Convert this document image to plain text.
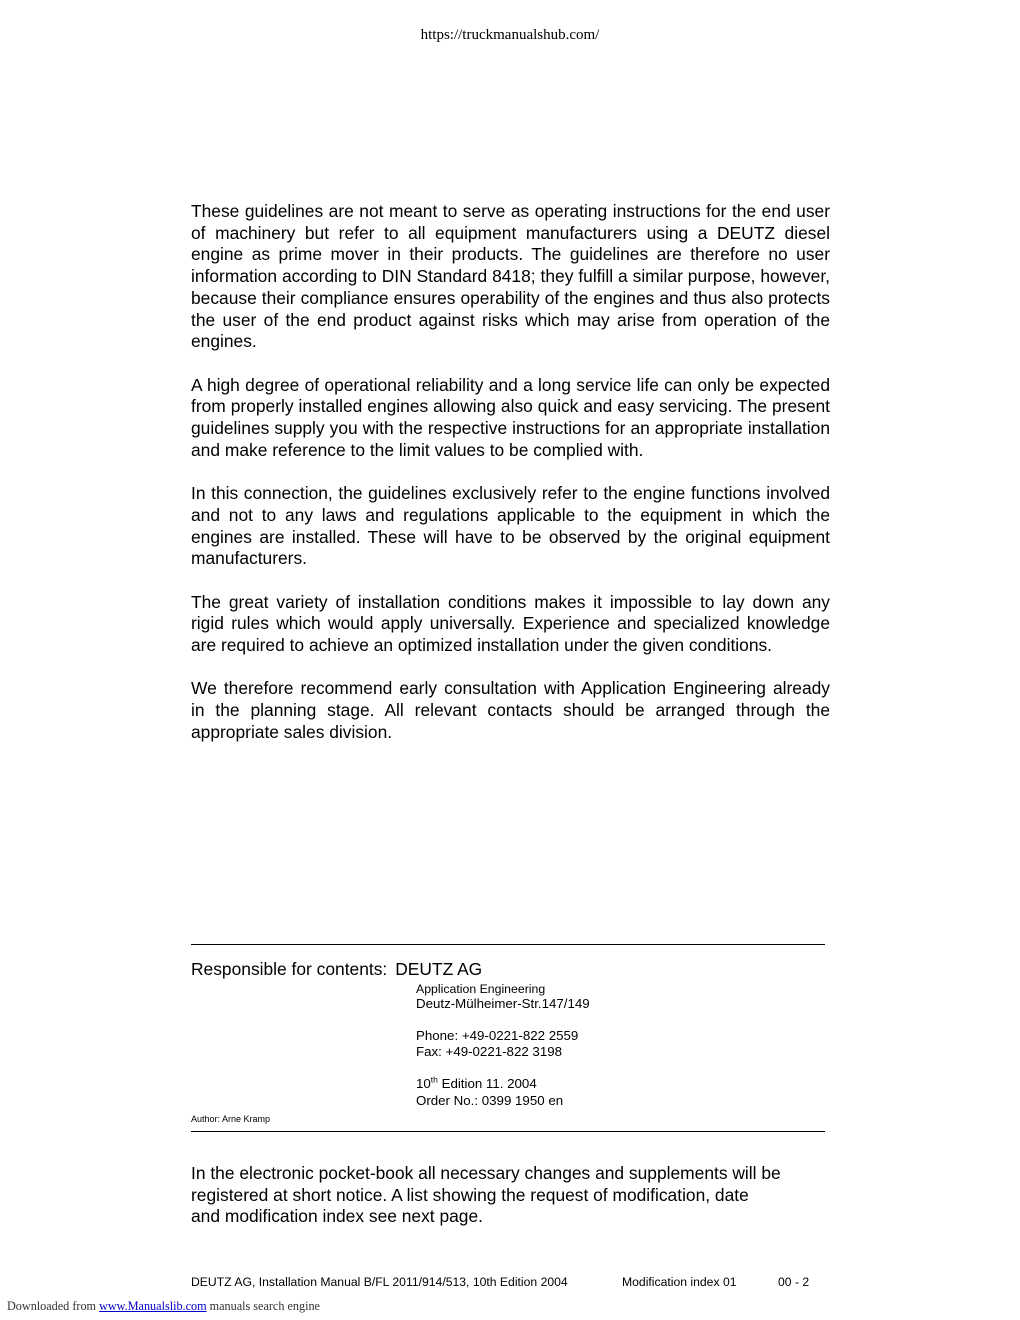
https://truckmanualshub.com/

These guidelines are not meant to serve as operating instructions for the end user of machinery but refer to all equipment manufacturers using a DEUTZ diesel engine as prime mover in their products. The guidelines are therefore no user information according to DIN Standard 8418; they fulfill a similar purpose, however, because their compliance ensures operability of the engines and thus also protects the user of the end product against risks which may arise from operation of the engines.

A high degree of operational reliability and a long service life can only be expected from properly installed engines allowing also quick and easy servicing. The present guidelines supply you with the respective instructions for an appropriate installation and make reference to the limit values to be complied with.

In this connection, the guidelines exclusively refer to the engine functions involved and not to any laws and regulations applicable to the equipment in which the engines are installed. These will have to be observed by the original equipment manufacturers.

The great variety of installation conditions makes it impossible to lay down any rigid rules which would apply universally. Experience and specialized knowledge are required to achieve an optimized installation under the given conditions.

We therefore recommend early consultation with Application Engineering already in the planning stage. All relevant contacts should be arranged through the appropriate sales division.

Responsible for contents: DEUTZ AG
Application Engineering
Deutz-Mülheimer-Str.147/149
Phone: +49-0221-822 2559
Fax: +49-0221-822 3198
10th Edition 11. 2004
Order No.: 0399 1950 en
Author: Arne Kramp
In the electronic pocket-book all necessary changes and supplements will be
registered at short notice. A list showing the request of modification, date
and modification index see next page.
DEUTZ AG, Installation Manual B/FL 2011/914/513, 10th Edition 2004	Modification index 01	00 - 2
Downloaded from www.Manualslib.com manuals search engine
